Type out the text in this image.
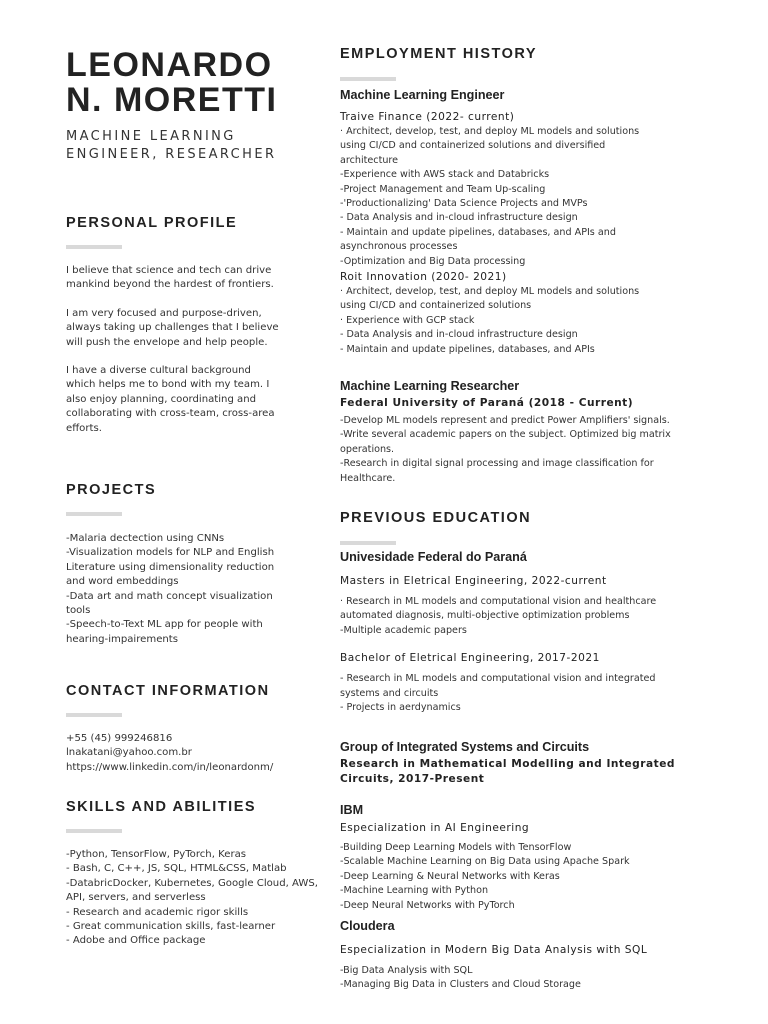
LEONARDO
N. MORETTI
MACHINE LEARNING
ENGINEER, RESEARCHER
PERSONAL PROFILE

I believe that science and tech can drive
mankind beyond the hardest of frontiers.

I am very focused and purpose-driven,
always taking up challenges that I believe
will push the envelope and help people.

I have a diverse cultural background
which helps me to bond with my team. I
also enjoy planning, coordinating and
collaborating with cross-team, cross-area
efforts.

PROJECTS
-Malaria dectection using CNNs
-Visualization models for NLP and English
Literature using dimensionality reduction
and word embeddings
-Data art and math concept visualization
tools
-Speech-to-Text ML app for people with
hearing-impairements
CONTACT INFORMATION
+55 (45) 999246816
lnakatani@yahoo.com.br
https://www.linkedin.com/in/leonardonm/
SKILLS AND ABILITIES
-Python, TensorFlow, PyTorch, Keras
- Bash, C, C++, JS, SQL, HTML&CSS, Matlab
-DatabricDocker, Kubernetes, Google Cloud, AWS,
API, servers, and serverless
- Research and academic rigor skills
- Great communication skills, fast-learner
- Adobe and Office package
EMPLOYMENT HISTORY
Machine Learning Engineer
Traive Finance (2022- current)
· Architect, develop, test, and deploy ML models and solutions
using CI/CD and containerized solutions and diversified
architecture
-Experience with AWS stack and Databricks
-Project Management and Team Up-scaling
-'Productionalizing' Data Science Projects and MVPs
- Data Analysis and in-cloud infrastructure design
- Maintain and update pipelines, databases, and APIs and
asynchronous processes
-Optimization and Big Data processing
Roit Innovation (2020- 2021)
· Architect, develop, test, and deploy ML models and solutions
using CI/CD and containerized solutions
· Experience with GCP stack
- Data Analysis and in-cloud infrastructure design
- Maintain and update pipelines, databases, and APIs
Machine Learning Researcher
Federal University of Paraná (2018 - Current)
-Develop ML models represent and predict Power Amplifiers' signals.
-Write several academic papers on the subject. Optimized big matrix
operations.
-Research in digital signal processing and image classification for
Healthcare.
PREVIOUS EDUCATION
Univesidade Federal do Paraná
Masters in Eletrical Engineering, 2022-current
· Research in ML models and computational vision and healthcare
automated diagnosis, multi-objective optimization problems
-Multiple academic papers
Bachelor of Eletrical Engineering, 2017-2021
- Research in ML models and computational vision and integrated
systems and circuits
- Projects in aerdynamics
Group of Integrated Systems and Circuits
Research in Mathematical Modelling and Integrated
Circuits, 2017-Present
IBM
Especialization in AI Engineering
-Building Deep Learning Models with TensorFlow
-Scalable Machine Learning on Big Data using Apache Spark
-Deep Learning & Neural Networks with Keras
-Machine Learning with Python
-Deep Neural Networks with PyTorch
Cloudera
Especialization in Modern Big Data Analysis with SQL
-Big Data Analysis with SQL
-Managing Big Data in Clusters and Cloud Storage
